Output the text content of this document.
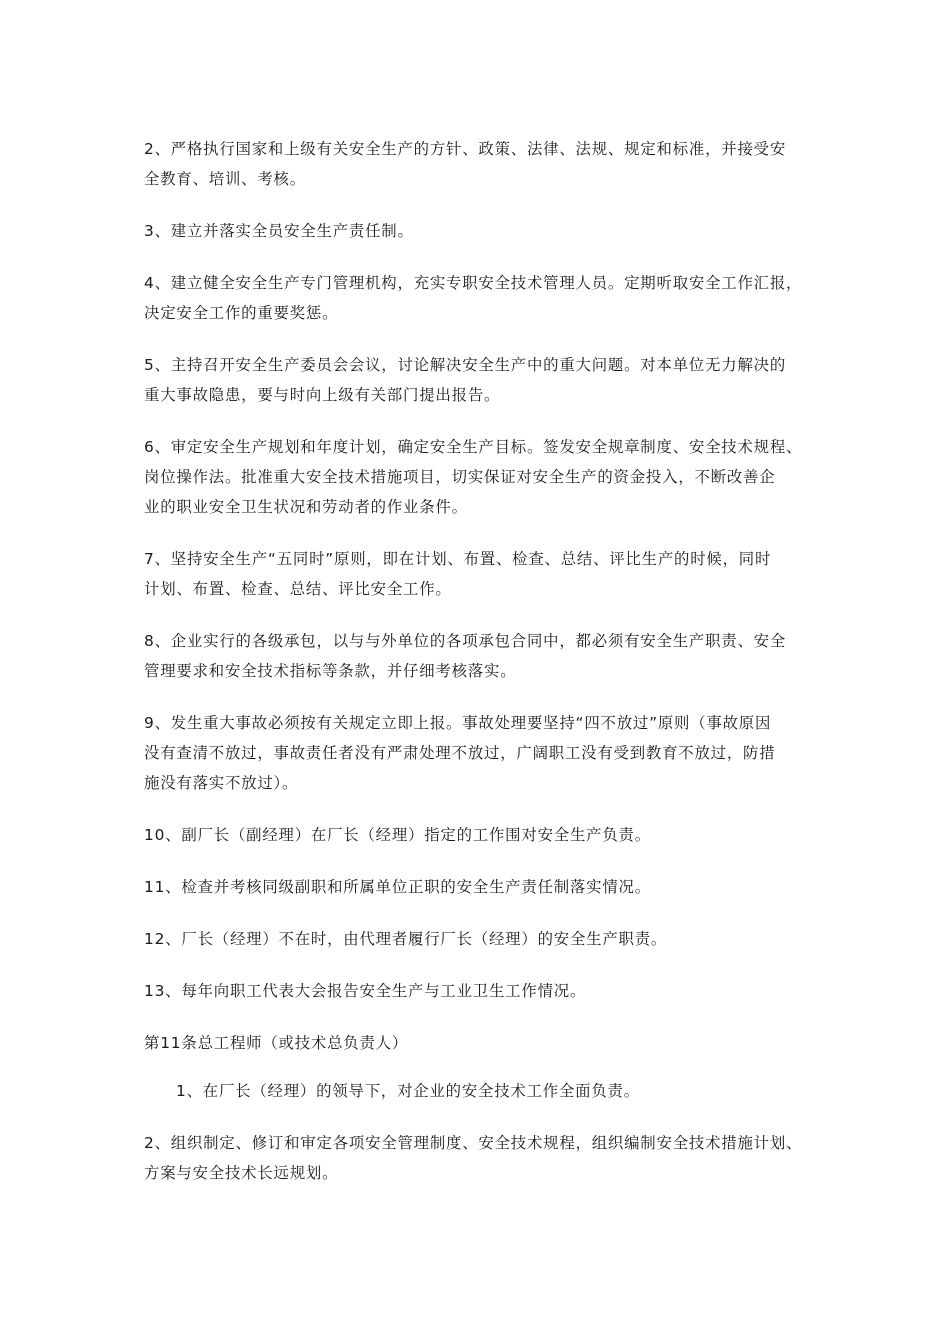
2、严格执行国家和上级有关安全生产的方针、政策、法律、法规、规定和标准，并接受安
全教育、培训、考核。
3、建立并落实全员安全生产责任制。
4、建立健全安全生产专门管理机构，充实专职安全技术管理人员。定期听取安全工作汇报，
决定安全工作的重要奖惩。
5、主持召开安全生产委员会会议，讨论解决安全生产中的重大问题。对本单位无力解决的
重大事故隐患，要与时向上级有关部门提出报告。
6、审定安全生产规划和年度计划，确定安全生产目标。签发安全规章制度、安全技术规程、
岗位操作法。批准重大安全技术措施项目，切实保证对安全生产的资金投入，不断改善企
业的职业安全卫生状况和劳动者的作业条件。
7、坚持安全生产“五同时”原则，即在计划、布置、检查、总结、评比生产的时候，同时
计划、布置、检查、总结、评比安全工作。
8、企业实行的各级承包，以与与外单位的各项承包合同中，都必须有安全生产职责、安全
管理要求和安全技术指标等条款，并仔细考核落实。
9、发生重大事故必须按有关规定立即上报。事故处理要坚持“四不放过”原则（事故原因
没有查清不放过，事故责任者没有严肃处理不放过，广阔职工没有受到教育不放过，防措
施没有落实不放过）。
10、副厂长（副经理）在厂长（经理）指定的工作围对安全生产负责。
11、检查并考核同级副职和所属单位正职的安全生产责任制落实情况。
12、厂长（经理）不在时，由代理者履行厂长（经理）的安全生产职责。
13、每年向职工代表大会报告安全生产与工业卫生工作情况。
第11条总工程师（或技术总负责人）
1、在厂长（经理）的领导下，对企业的安全技术工作全面负责。
2、组织制定、修订和审定各项安全管理制度、安全技术规程，组织编制安全技术措施计划、
方案与安全技术长远规划。
